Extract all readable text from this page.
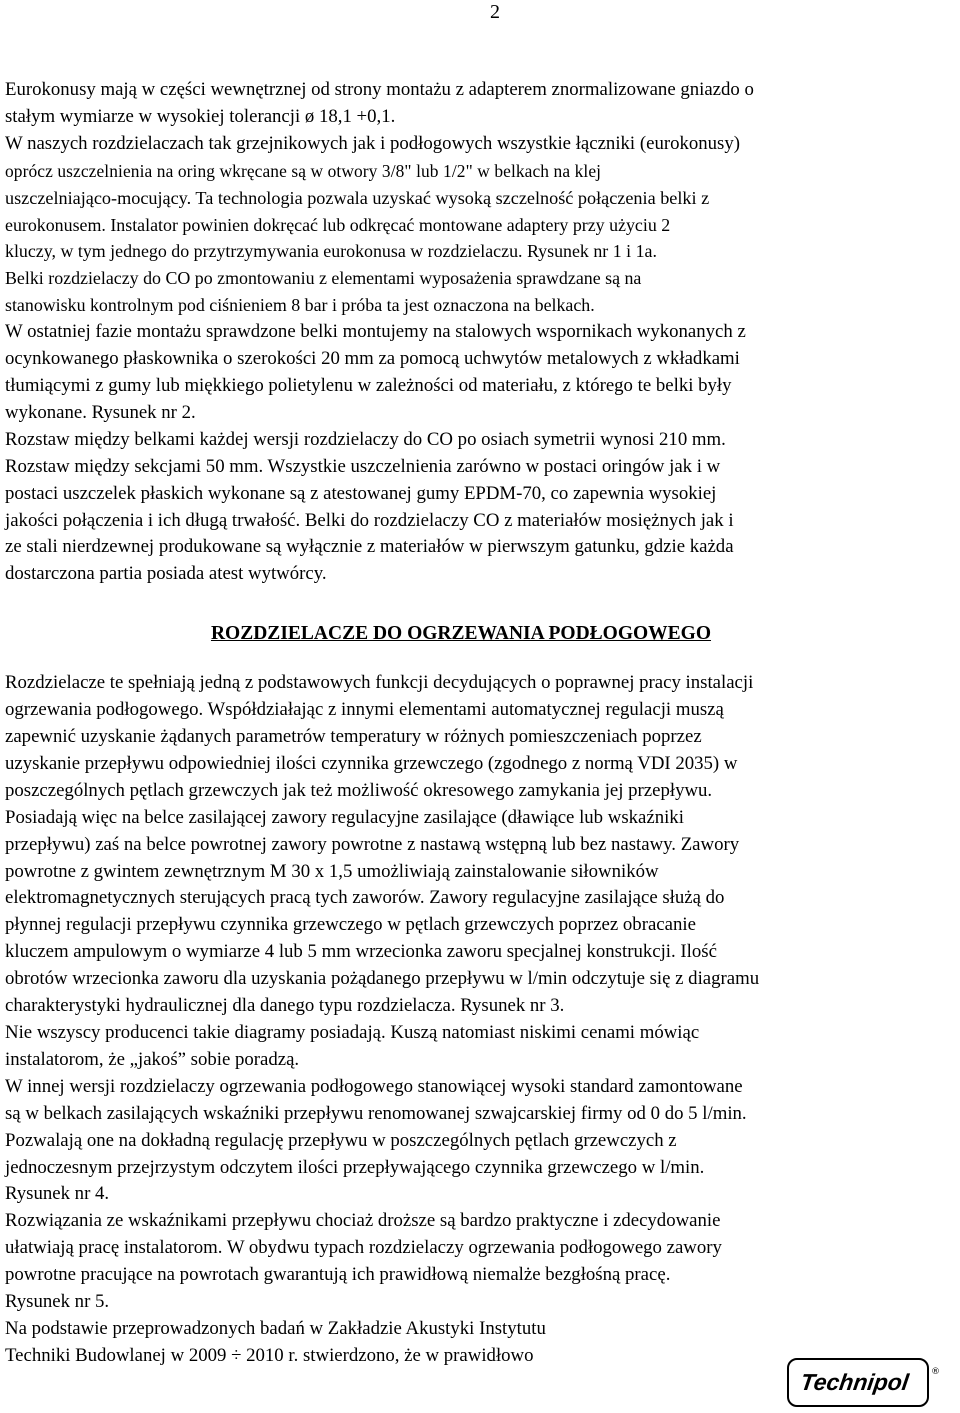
2
Eurokonusy mają w części wewnętrznej od strony montażu z adapterem znormalizowane gniazdo o
stałym wymiarze w wysokiej tolerancji ø 18,1 +0,1.
W naszych rozdzielaczach tak grzejnikowych jak i podłogowych wszystkie łączniki (eurokonusy)
oprócz uszczelnienia na oring wkręcane są w otwory 3/8" lub 1/2" w belkach na klej
uszczelniająco-mocujący. Ta technologia pozwala uzyskać wysoką szczelność połączenia belki z
eurokonusem. Instalator powinien dokręcać lub odkręcać montowane adaptery przy użyciu 2
kluczy, w tym jednego do przytrzymywania eurokonusa w rozdzielaczu. Rysunek nr 1 i 1a.
Belki rozdzielaczy do CO po zmontowaniu z elementami wyposażenia sprawdzane są na
stanowisku kontrolnym pod ciśnieniem 8 bar i próba ta jest oznaczona na belkach.
W ostatniej fazie montażu sprawdzone belki montujemy na stalowych wspornikach wykonanych z
ocynkowanego płaskownika o szerokości 20 mm za pomocą uchwytów metalowych z wkładkami
tłumiącymi z gumy lub miękkiego polietylenu w zależności od materiału, z którego te belki były
wykonane. Rysunek nr 2.
Rozstaw między belkami każdej wersji rozdzielaczy do CO po osiach symetrii wynosi 210 mm.
Rozstaw między sekcjami 50 mm. Wszystkie uszczelnienia zarówno w postaci oringów jak i w
postaci uszczelek płaskich wykonane są z atestowanej gumy EPDM-70, co zapewnia wysokiej
jakości połączenia i ich długą trwałość. Belki do rozdzielaczy CO z materiałów mosiężnych jak i
ze stali nierdzewnej produkowane są wyłącznie z materiałów w pierwszym gatunku, gdzie każda
dostarczona partia posiada atest wytwórcy.
ROZDZIELACZE DO OGRZEWANIA PODŁOGOWEGO
Rozdzielacze te spełniają jedną z podstawowych funkcji decydujących o poprawnej pracy instalacji
ogrzewania podłogowego. Współdziałając z innymi elementami automatycznej regulacji muszą
zapewnić uzyskanie żądanych parametrów temperatury w różnych pomieszczeniach poprzez
uzyskanie przepływu odpowiedniej ilości czynnika grzewczego (zgodnego z normą VDI 2035) w
poszczególnych pętlach grzewczych jak też możliwość okresowego zamykania jej przepływu.
Posiadają więc na belce zasilającej zawory regulacyjne zasilające (dławiące lub wskaźniki
przepływu) zaś na belce powrotnej zawory powrotne z nastawą wstępną lub bez nastawy. Zawory
powrotne z gwintem zewnętrznym M 30 x 1,5 umożliwiają zainstalowanie siłowników
elektromagnetycznych sterujących pracą tych zaworów. Zawory regulacyjne zasilające służą do
płynnej regulacji przepływu czynnika grzewczego w pętlach grzewczych poprzez obracanie
kluczem ampulowym o wymiarze 4 lub 5 mm wrzecionka zaworu specjalnej konstrukcji. Ilość
obrotów wrzecionka zaworu dla uzyskania pożądanego przepływu w l/min odczytuje się z diagramu
charakterystyki hydraulicznej dla danego typu rozdzielacza. Rysunek nr 3.
Nie wszyscy producenci takie diagramy posiadają. Kuszą natomiast niskimi cenami mówiąc
instalatorom, że „jakoś” sobie poradzą.
W innej wersji rozdzielaczy ogrzewania podłogowego stanowiącej wysoki standard zamontowane
są w belkach zasilających wskaźniki przepływu renomowanej szwajcarskiej firmy od 0 do 5 l/min.
Pozwalają one na dokładną regulację przepływu w poszczególnych pętlach grzewczych z
jednoczesnym przejrzystym odczytem ilości przepływającego czynnika grzewczego w l/min.
Rysunek nr 4.
Rozwiązania ze wskaźnikami przepływu chociaż droższe są bardzo praktyczne i zdecydowanie
ułatwiają pracę instalatorom. W obydwu typach rozdzielaczy ogrzewania podłogowego zawory
powrotne pracujące na powrotach gwarantują ich prawidłową niemalże bezgłośną pracę.
Rysunek nr 5.
Na podstawie przeprowadzonych badań w Zakładzie Akustyki Instytutu
Techniki Budowlanej w 2009 ÷ 2010 r. stwierdzono, że w prawidłowo
Technipol ®
